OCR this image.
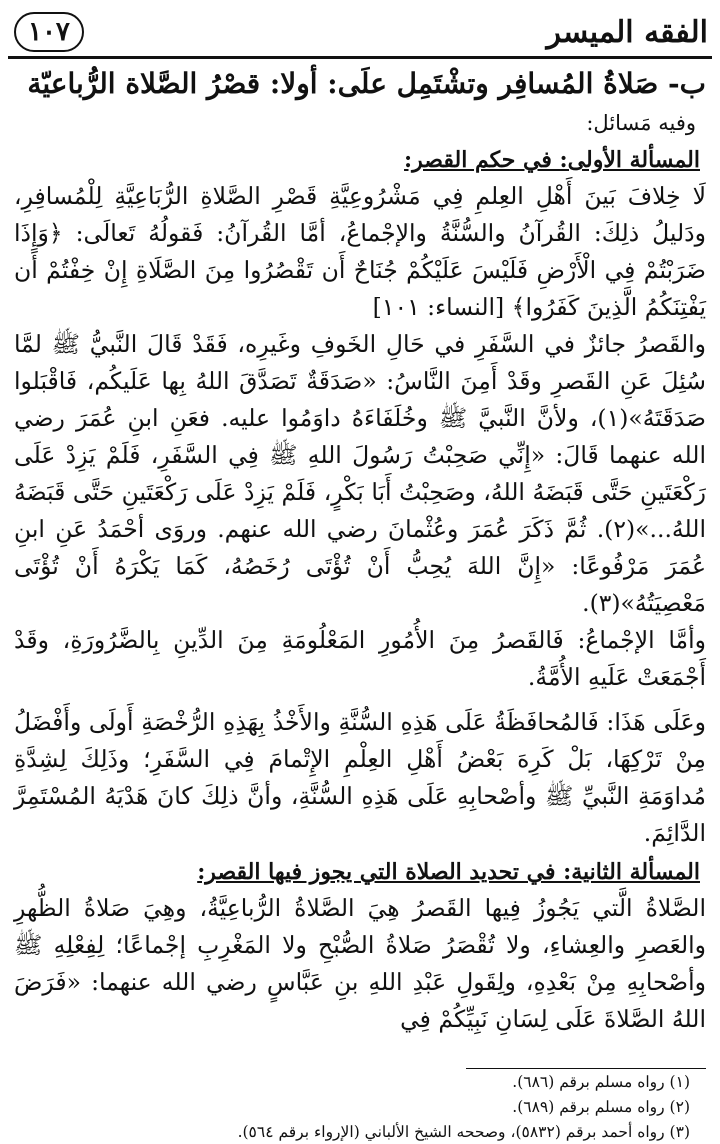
الفقه الميسر
١٠٧
ب- صَلاةُ المُسافِر وتشْتَمِل علَى: أولا: قصْرُ الصَّلاة الرُّباعيّة
وفيه مَسائل:
المسألة الأولى: في حكم القصر:

لَا خِلافَ بَينَ أَهْلِ العِلمِ فِي مَشْرُوعِيَّةِ قَصْرِ الصَّلاةِ الرُّبَاعِيَّةِ لِلْمُسافِرِ، ودَليلُ ذلِكَ: القُرآنُ والسُّنَّةُ والإجْماعُ، أمَّا القُرآنُ: فَقولُهُ تَعالَى: ﴿وَإِذَا ضَرَبْتُمْ فِي الْأَرْضِ فَلَيْسَ عَلَيْكُمْ جُنَاحٌ أَن تَقْصُرُوا مِنَ الصَّلَاةِ إِنْ خِفْتُمْ أَن يَفْتِنَكُمُ الَّذِينَ كَفَرُوا﴾ [النساء: ١٠١]

والقَصرُ جائزٌ في السَّفَرِ في حَالِ الخَوفِ وغَيرِه، فَقَدْ قَالَ النَّبيُّ ﷺ لمَّا سُئِلَ عَنِ القَصرِ وقَدْ أَمِنَ النَّاسُ: «صَدَقَةٌ تَصَدَّقَ اللهُ بِها عَلَيكُم، فَاقْبَلوا صَدَقَتَهُ»(١)، ولأنَّ النَّبيَّ ﷺ وخُلَفَاءَهُ داوَمُوا عليه. فعَنِ ابنِ عُمَرَ رضي الله عنهما قَالَ: «إِنِّي صَحِبْتُ رَسُولَ اللهِ ﷺ فِي السَّفَرِ، فَلَمْ يَزِدْ عَلَى رَكْعَتَينِ حَتَّى قَبَضَهُ اللهُ، وصَحِبْتُ أَبَا بَكْرٍ، فَلَمْ يَزِدْ عَلَى رَكْعَتَينِ حَتَّى قَبَضَهُ اللهُ...»(٢). ثُمَّ ذَكَرَ عُمَرَ وعُثْمانَ رضي الله عنهم. وروَى أحْمَدُ عَنِ ابنِ عُمَرَ مَرْفُوعًا: «إِنَّ اللهَ يُحِبُّ أَنْ تُؤْتَى رُخَصُهُ، كَمَا يَكْرَهُ أَنْ تُؤْتَى مَعْصِيَتُهُ»(٣).

وأمَّا الإجْماعُ: فَالقَصرُ مِنَ الأُمُورِ المَعْلُومَةِ مِنَ الدِّينِ بِالضَّرُورَةِ، وقَدْ أَجْمَعَتْ عَلَيهِ الأُمَّةُ.

وعَلَى هَذَا: فَالمُحافَظَةُ عَلَى هَذِهِ السُّنَّةِ والأَخْذُ بِهَذِهِ الرُّخْصَةِ أَولَى وأَفْضَلُ مِنْ تَرْكِهَا، بَلْ كَرِهَ بَعْضُ أَهْلِ العِلْمِ الإِتْمامَ فِي السَّفَرِ؛ وذَلِكَ لِشِدَّةِ مُداوَمَةِ النَّبيِّ ﷺ وأصْحابِهِ عَلَى هَذِهِ السُّنَّةِ، وأنَّ ذلِكَ كانَ هَدْيَهُ المُسْتَمِرَّ الدَّائِمَ.

المسألة الثانية: في تحديد الصلاة التي يجوز فيها القصر:

الصَّلاةُ الَّتي يَجُوزُ فِيها القَصرُ هِيَ الصَّلاةُ الرُّباعِيَّةُ، وهِيَ صَلاةُ الظُّهرِ والعَصرِ والعِشاءِ، ولا تُقْصَرُ صَلاةُ الصُّبْحِ ولا المَغْرِبِ إجْماعًا؛ لِفِعْلِهِ ﷺ وأصْحابِهِ مِنْ بَعْدِهِ، ولِقَولِ عَبْدِ اللهِ بنِ عَبَّاسٍ رضي الله عنهما: «فَرَضَ اللهُ الصَّلاةَ عَلَى لِسَانِ نَبِيِّكُمْ فِي

(١) رواه مسلم برقم (٦٨٦).
(٢) رواه مسلم برقم (٦٨٩).
(٣) رواه أحمد برقم (٥٨٣٢)، وصححه الشيخ الألباني (الإرواء برقم ٥٦٤).
